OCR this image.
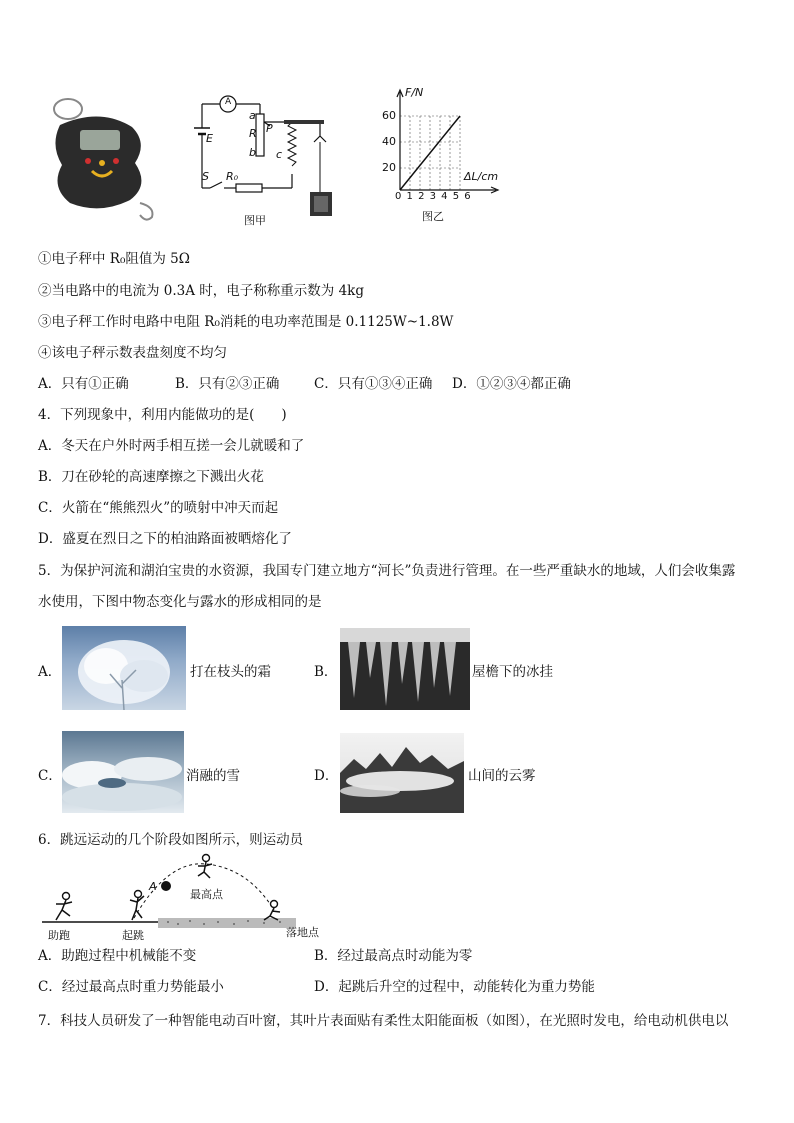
A
E
a
R
b
P
c
S R₀
图甲
F/N
60
40
20
0 1 2 3 4 5 6
ΔL/cm
图乙
①电子秤中 R₀阻值为 5Ω
②当电路中的电流为 0.3A 时，电子称称重示数为 4kg
③电子秤工作时电路中电阻 R₀消耗的电功率范围是 0.1125W~1.8W
④该电子秤示数表盘刻度不均匀
A．只有①正确	B．只有②③正确	C．只有①③④正确 D．①②③④都正确
4．下列现象中，利用内能做功的是(　　)
A．冬天在户外时两手相互搓一会儿就暖和了
B．刀在砂轮的高速摩擦之下溅出火花
C．火箭在“熊熊烈火”的喷射中冲天而起
D．盛夏在烈日之下的柏油路面被晒熔化了
5．为保护河流和湖泊宝贵的水资源，我国专门建立地方“河长”负责进行管理。在一些严重缺水的地域，人们会收集露
水使用，下图中物态变化与露水的形成相同的是
A．	打在枝头的霜	B．	屋檐下的冰挂
C．	消融的雪	D．	山间的云雾
6．跳远运动的几个阶段如图所示，则运动员
A
最高点
助跑	起跳	落地点
A．助跑过程中机械能不变	B．经过最高点时动能为零
C．经过最高点时重力势能最小	D．起跳后升空的过程中，动能转化为重力势能
7．科技人员研发了一种智能电动百叶窗，其叶片表面贴有柔性太阳能面板（如图），在光照时发电，给电动机供电以
